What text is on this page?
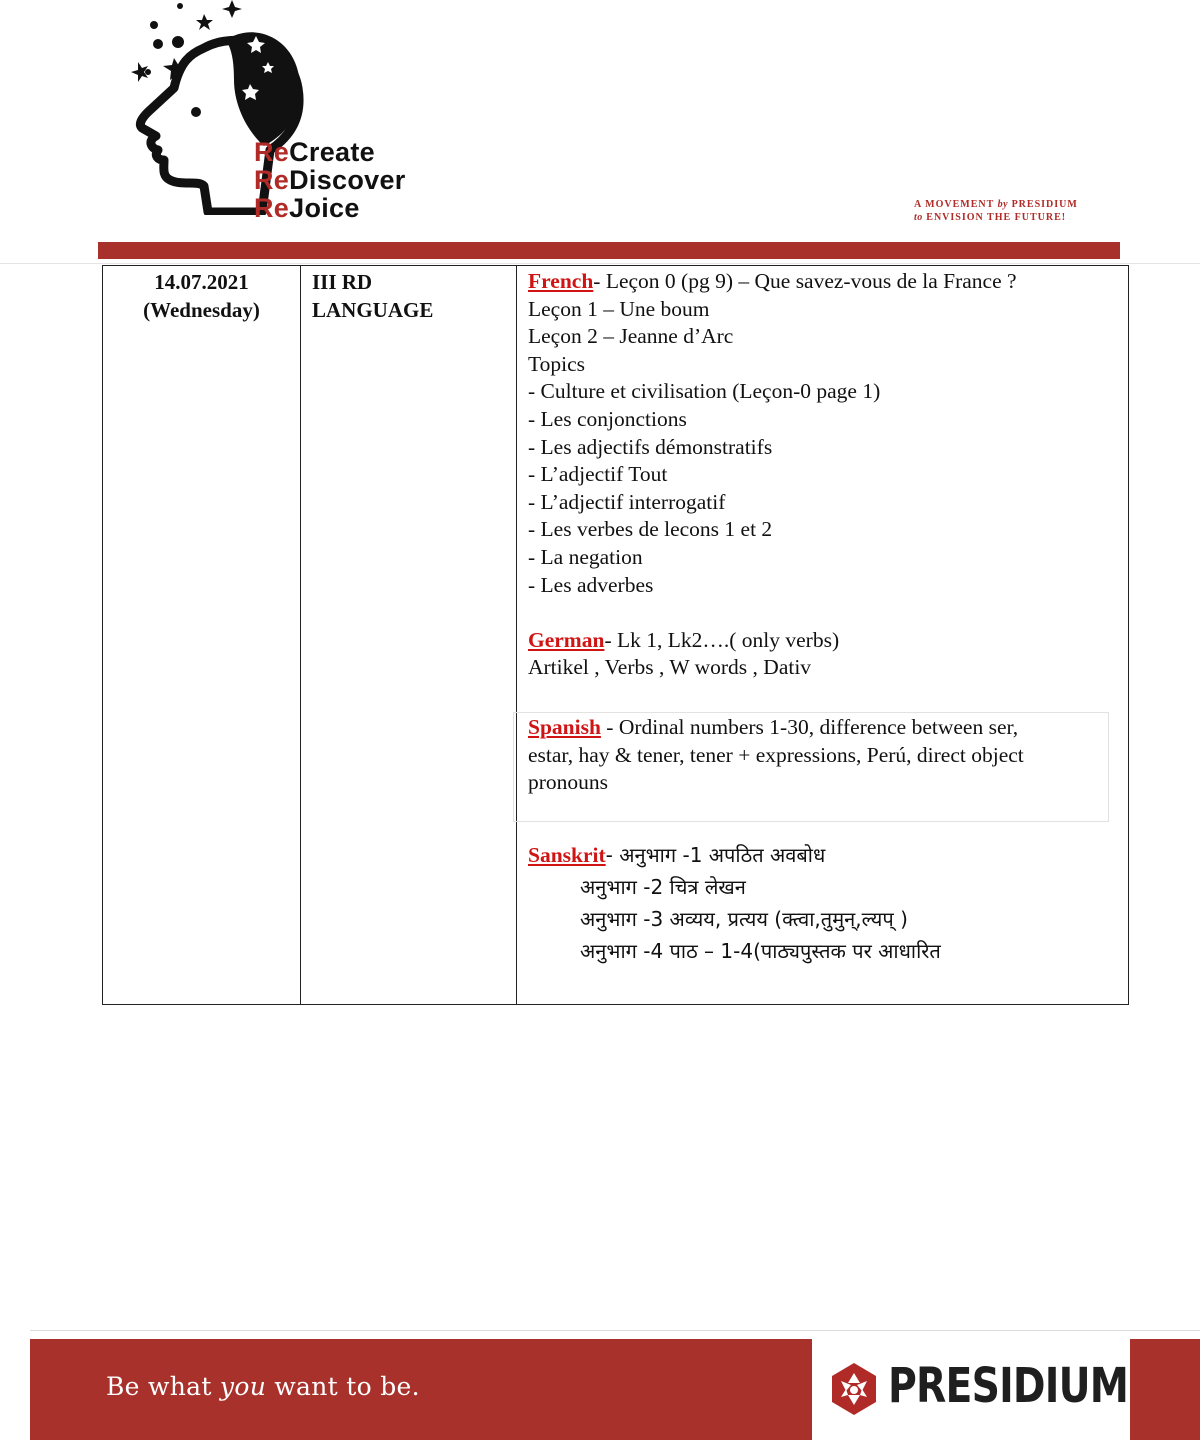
ReCreate
ReDiscover
ReJoice	A MOVEMENT by PRESIDIUM
to ENVISION THE FUTURE!
14.07.2021
(Wednesday)
III RD
LANGUAGE
French- Leçon 0 (pg 9) – Que savez-vous de la France ?
Leçon 1 – Une boum
Leçon 2 – Jeanne d’Arc
Topics
- Culture et civilisation (Leçon-0 page 1)
- Les conjonctions
- Les adjectifs démonstratifs
- L’adjectif Tout
- L’adjectif interrogatif
- Les verbes de lecons 1 et 2
- La negation
- Les adverbes
German- Lk 1, Lk2….( only verbs)
Artikel , Verbs , W words , Dativ
Spanish - Ordinal numbers 1-30, difference between ser,
estar, hay & tener, tener + expressions, Perú, direct object
pronouns
Sanskrit- अनुभाग -1 अपठित अवबोध
अनुभाग -2 चित्र लेखन
अनुभाग -3 अव्यय, प्रत्यय (क्त्वा,तुमुन्,ल्यप् )
अनुभाग -4 पाठ – 1-4(पाठ्यपुस्तक पर आधारित
Be what you want to be.	PRESIDIUM
